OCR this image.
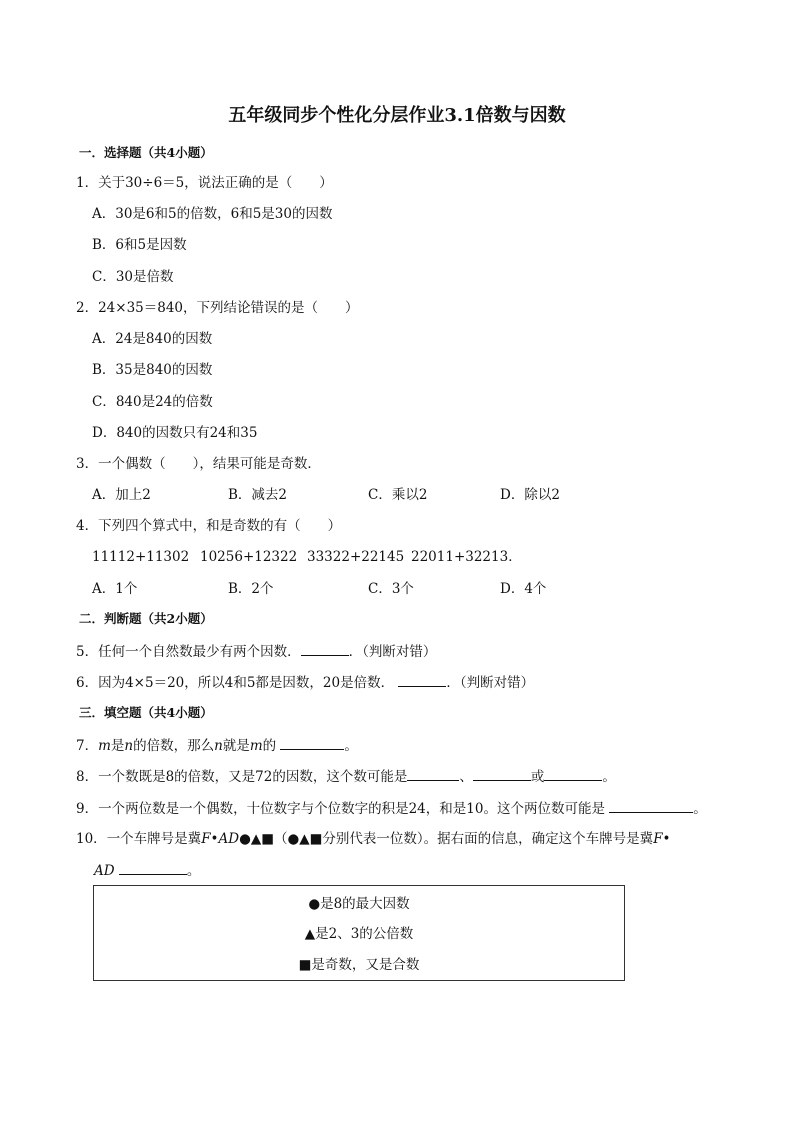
五年级同步个性化分层作业3.1倍数与因数
一．选择题（共4小题）
1．关于30÷6＝5，说法正确的是（　　）
A．30是6和5的倍数，6和5是30的因数
B．6和5是因数
C．30是倍数
2．24×35＝840，下列结论错误的是（　　）
A．24是840的因数
B．35是840的因数
C．840是24的倍数
D．840的因数只有24和35
3．一个偶数（　　），结果可能是奇数．
A．加上2	B．减去2	C．乘以2	D．除以2
4．下列四个算式中，和是奇数的有（　　）
11112+11302 10256+12322 33322+22145 22011+32213．
A．1个	B．2个	C．3个	D．4个
二．判断题（共2小题）
5．任何一个自然数最少有两个因数．	．（判断对错）
6．因为4×5＝20，所以4和5都是因数，20是倍数．	．（判断对错）
三．填空题（共4小题）
7．m是n的倍数，那么n就是m的	。
8．一个数既是8的倍数，又是72的因数，这个数可能是	、	或	。
9．一个两位数是一个偶数，十位数字与个位数字的积是24，和是10。这个两位数可能是	。
10．一个车牌号是冀F•AD●▲■（●▲■分别代表一位数）。据右面的信息，确定这个车牌号是冀F•
AD	。
●是8的最大因数
▲是2、3的公倍数
■是奇数，又是合数
